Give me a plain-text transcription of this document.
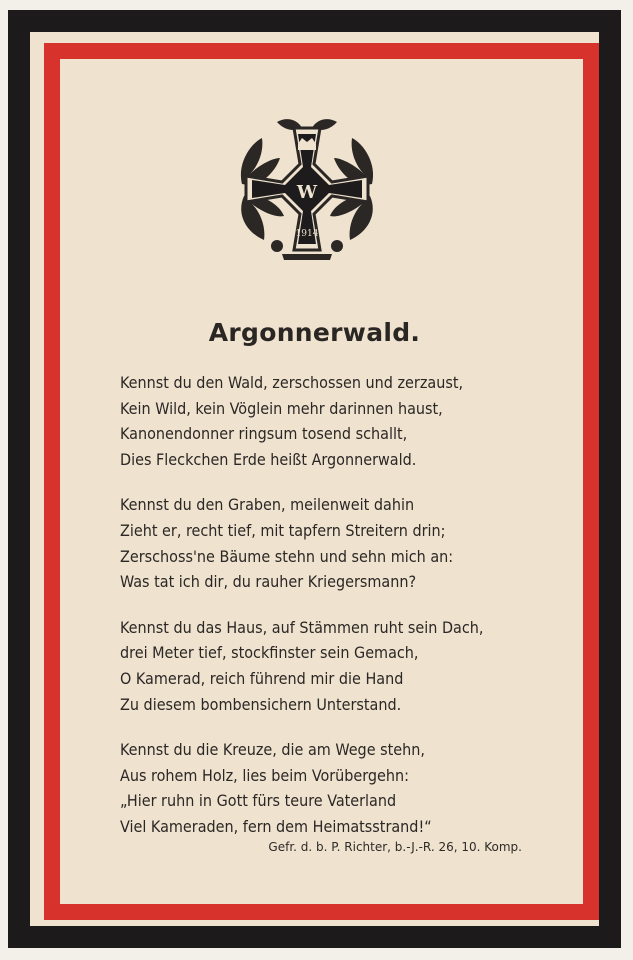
W
1914
Argonnerwald.
Kennst du den Wald, zerschossen und zerzaust,
Kein Wild, kein Vöglein mehr darinnen haust,
Kanonendonner ringsum tosend schallt,
Dies Fleckchen Erde heißt Argonnerwald.
Kennst du den Graben, meilenweit dahin
Zieht er, recht tief, mit tapfern Streitern drin;
Zerschoss'ne Bäume stehn und sehn mich an:
Was tat ich dir, du rauher Kriegersmann?
Kennst du das Haus, auf Stämmen ruht sein Dach,
drei Meter tief, stockfinster sein Gemach,
O Kamerad, reich führend mir die Hand
Zu diesem bombensichern Unterstand.
Kennst du die Kreuze, die am Wege stehn,
Aus rohem Holz, lies beim Vorübergehn:
„Hier ruhn in Gott fürs teure Vaterland
Viel Kameraden, fern dem Heimatsstrand!“
Gefr. d. b. P. Richter, b.-J.-R. 26, 10. Komp.
